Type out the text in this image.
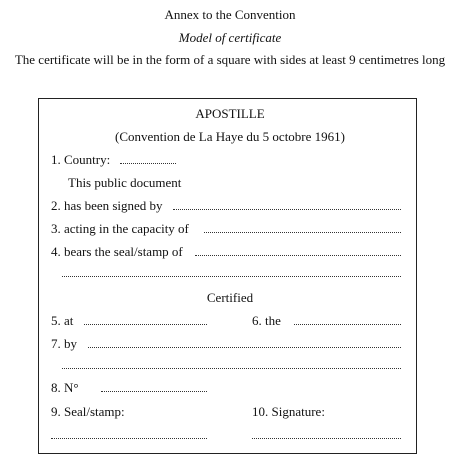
Annex to the Convention
Model of certificate
The certificate will be in the form of a square with sides at least 9 centimetres long
APOSTILLE
(Convention de La Haye du 5 octobre 1961)
1. Country:
This public document
2. has been signed by
3. acting in the capacity of
4. bears the seal/stamp of
Certified
5. at	6. the
7. by
8. N°
9. Seal/stamp:	10. Signature:
